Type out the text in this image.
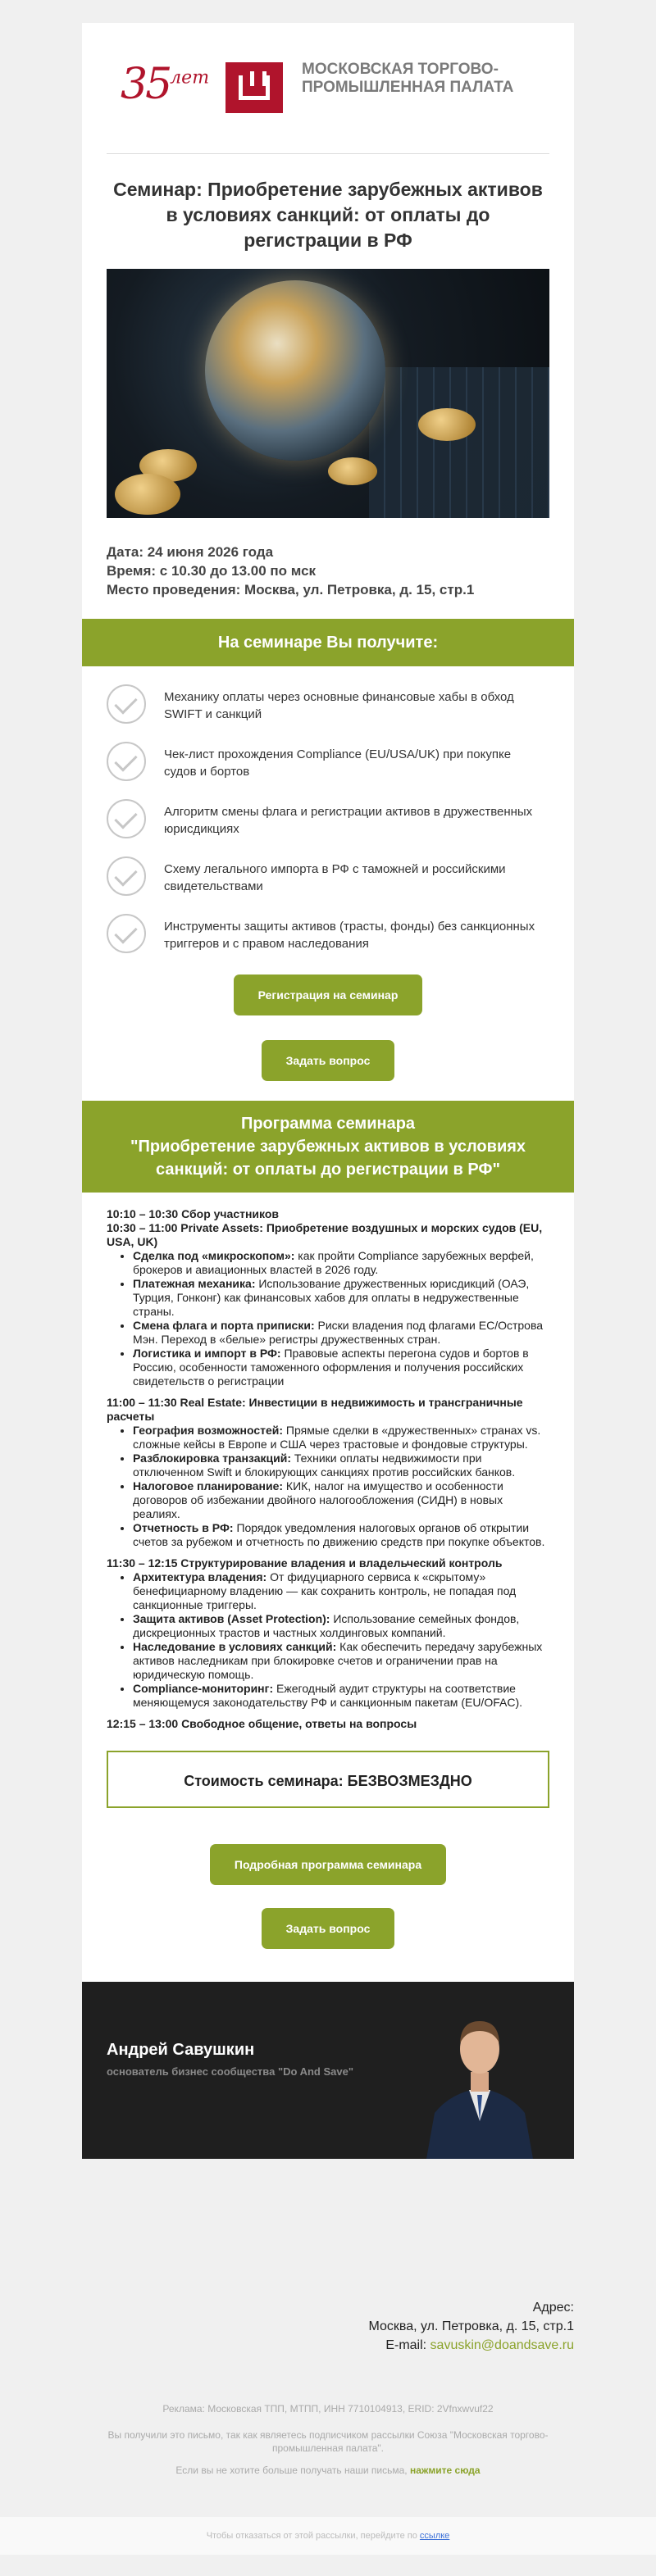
$35^{лет}$	МОСКОВСКАЯ ТОРГОВО-ПРОМЫШЛЕННАЯ ПАЛАТА
Семинар: Приобретение зарубежных активов в условиях санкций: от оплаты до регистрации в РФ
Дата: 24 июня 2026 года
Время: с 10.30 до 13.00 по мск
Место проведения: Москва, ул. Петровка, д. 15, стр.1
На семинаре Вы получите:
Механику оплаты через основные финансовые хабы в обход SWIFT и санкций
Чек-лист прохождения Compliance (EU/USA/UK) при покупке судов и бортов
Алгоритм смены флага и регистрации активов в дружественных юрисдикциях
Схему легального импорта в РФ с таможней и российскими свидетельствами
Инструменты защиты активов (трасты, фонды) без санкционных триггеров и с правом наследования
Регистрация на семинар
Задать вопрос
Программа семинара
"Приобретение зарубежных активов в условиях санкций: от оплаты до регистрации в РФ"
10:10 – 10:30 Сбор участников
10:30 – 11:00 Private Assets: Приобретение воздушных и морских судов (EU, USA, UK)
• Сделка под «микроскопом»: как пройти Compliance зарубежных верфей, брокеров и авиационных властей в 2026 году.
• Платежная механика: Использование дружественных юрисдикций (ОАЭ, Турция, Гонконг) как финансовых хабов для оплаты в недружественные страны.
• Смена флага и порта приписки: Риски владения под флагами ЕС/Острова Мэн. Переход в «белые» регистры дружественных стран.
• Логистика и импорт в РФ: Правовые аспекты перегона судов и бортов в Россию, особенности таможенного оформления и получения российских свидетельств о регистрации
11:00 – 11:30 Real Estate: Инвестиции в недвижимость и трансграничные расчеты
• География возможностей: Прямые сделки в «дружественных» странах vs. сложные кейсы в Европе и США через трастовые и фондовые структуры.
• Разблокировка транзакций: Техники оплаты недвижимости при отключенном Swift и блокирующих санкциях против российских банков.
• Налоговое планирование: КИК, налог на имущество и особенности договоров об избежании двойного налогообложения (СИДН) в новых реалиях.
• Отчетность в РФ: Порядок уведомления налоговых органов об открытии счетов за рубежом и отчетность по движению средств при покупке объектов.
11:30 – 12:15 Структурирование владения и владельческий контроль
• Архитектура владения: От фидуциарного сервиса к «скрытому» бенефициарному владению — как сохранить контроль, не попадая под санкционные триггеры.
• Защита активов (Asset Protection): Использование семейных фондов, дискреционных трастов и частных холдинговых компаний.
• Наследование в условиях санкций: Как обеспечить передачу зарубежных активов наследникам при блокировке счетов и ограничении прав на юридическую помощь.
• Compliance-мониторинг: Ежегодный аудит структуры на соответствие меняющемуся законодательству РФ и санкционным пакетам (EU/OFAC).
12:15 – 13:00 Свободное общение, ответы на вопросы
Стоимость семинара: БЕЗВОЗМЕЗДНО
Подробная программа семинара
Задать вопрос
Андрей Савушкин
основатель бизнес сообщества "Do And Save"
Адрес:
Москва, ул. Петровка, д. 15, стр.1
E-mail: savuskin@doandsave.ru
Реклама: Московская ТПП, МТПП, ИНН 7710104913, ERID: 2Vfnxwvuf22
Вы получили это письмо, так как являетесь подписчиком рассылки Союза "Московская торгово-промышленная палата".
Если вы не хотите больше получать наши письма, нажмите сюда
Чтобы отказаться от этой рассылки, перейдите по ссылке
